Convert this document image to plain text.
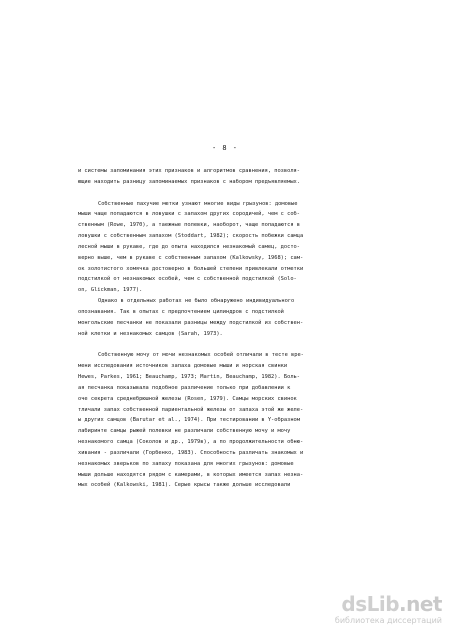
- 8 -
и системы запоминания этих признаков и алгоритмов сравнения, позволя-
ющие находить разницу запоминаемых признаков с набором предъявляемых.
Собственные пахучие метки узнают многие виды грызунов: домовые
мыши чаще попадаются в ловушки с запахом других сородичей, чем с соб-
ственным (Rowe, 1970), а таежные полевки, наоборот, чаще попадаются в
ловушки с собственным запахом (Stoddart, 1982); скорость побежки самца
лесной мыши в рукаве, где до опыта находился незнакомый самец, досто-
верно выше, чем в рукаве с собственным запахом (Kalkowsky, 1968); сам-
ок золотистого хомячка достоверно в большей степени привлекали отметки
подстилкой от незнакомых особей, чем с собственной подстилкой (Solo-
on, Glickman, 1977).
Однако в отдельных работах не было обнаружено индивидуального
опознавания. Так в опытах с предпочтением цилиндров с подстилкой
монгольские песчанки не показали разницы между подстилкой из собствен-
ной клетки и незнакомых самцов (Sarah, 1973).
Собственную мочу от мочи незнакомых особей отличали в тесте вре-
мени исследования источников запаха домовые мыши и норская свинки
Hewes, Parkes, 1961; Beauchamp, 1973; Martin, Beauchamp, 1982). Боль-
ая песчанка показывала подобное различение только при добавлении к
оче секрета среднебрюшной железы (Rosen, 1979). Самцы морских свинок
тличали запах собственной париентальной железы от запаха этой же желе-
ы других самцов (Barutar et al., 1974). При тестировании в Y-образном
лабиринте самцы рыжей полевки не различали собственную мочу и мочу
незнакомого самца (Соколов и др., 1979в), а по продолжительности обню-
хивания - различали (Горбенко, 1983). Способность различать знакомых и
незнакомых зверьков по запаху показана для многих грызунов: домовые
мыши дольше находятся рядом с камерами, в которых имеется запах незна-
мых особей (Kalkowski, 1981). Серые крысы также дольше исследовали
dsLib.net
библиотека диссертаций
